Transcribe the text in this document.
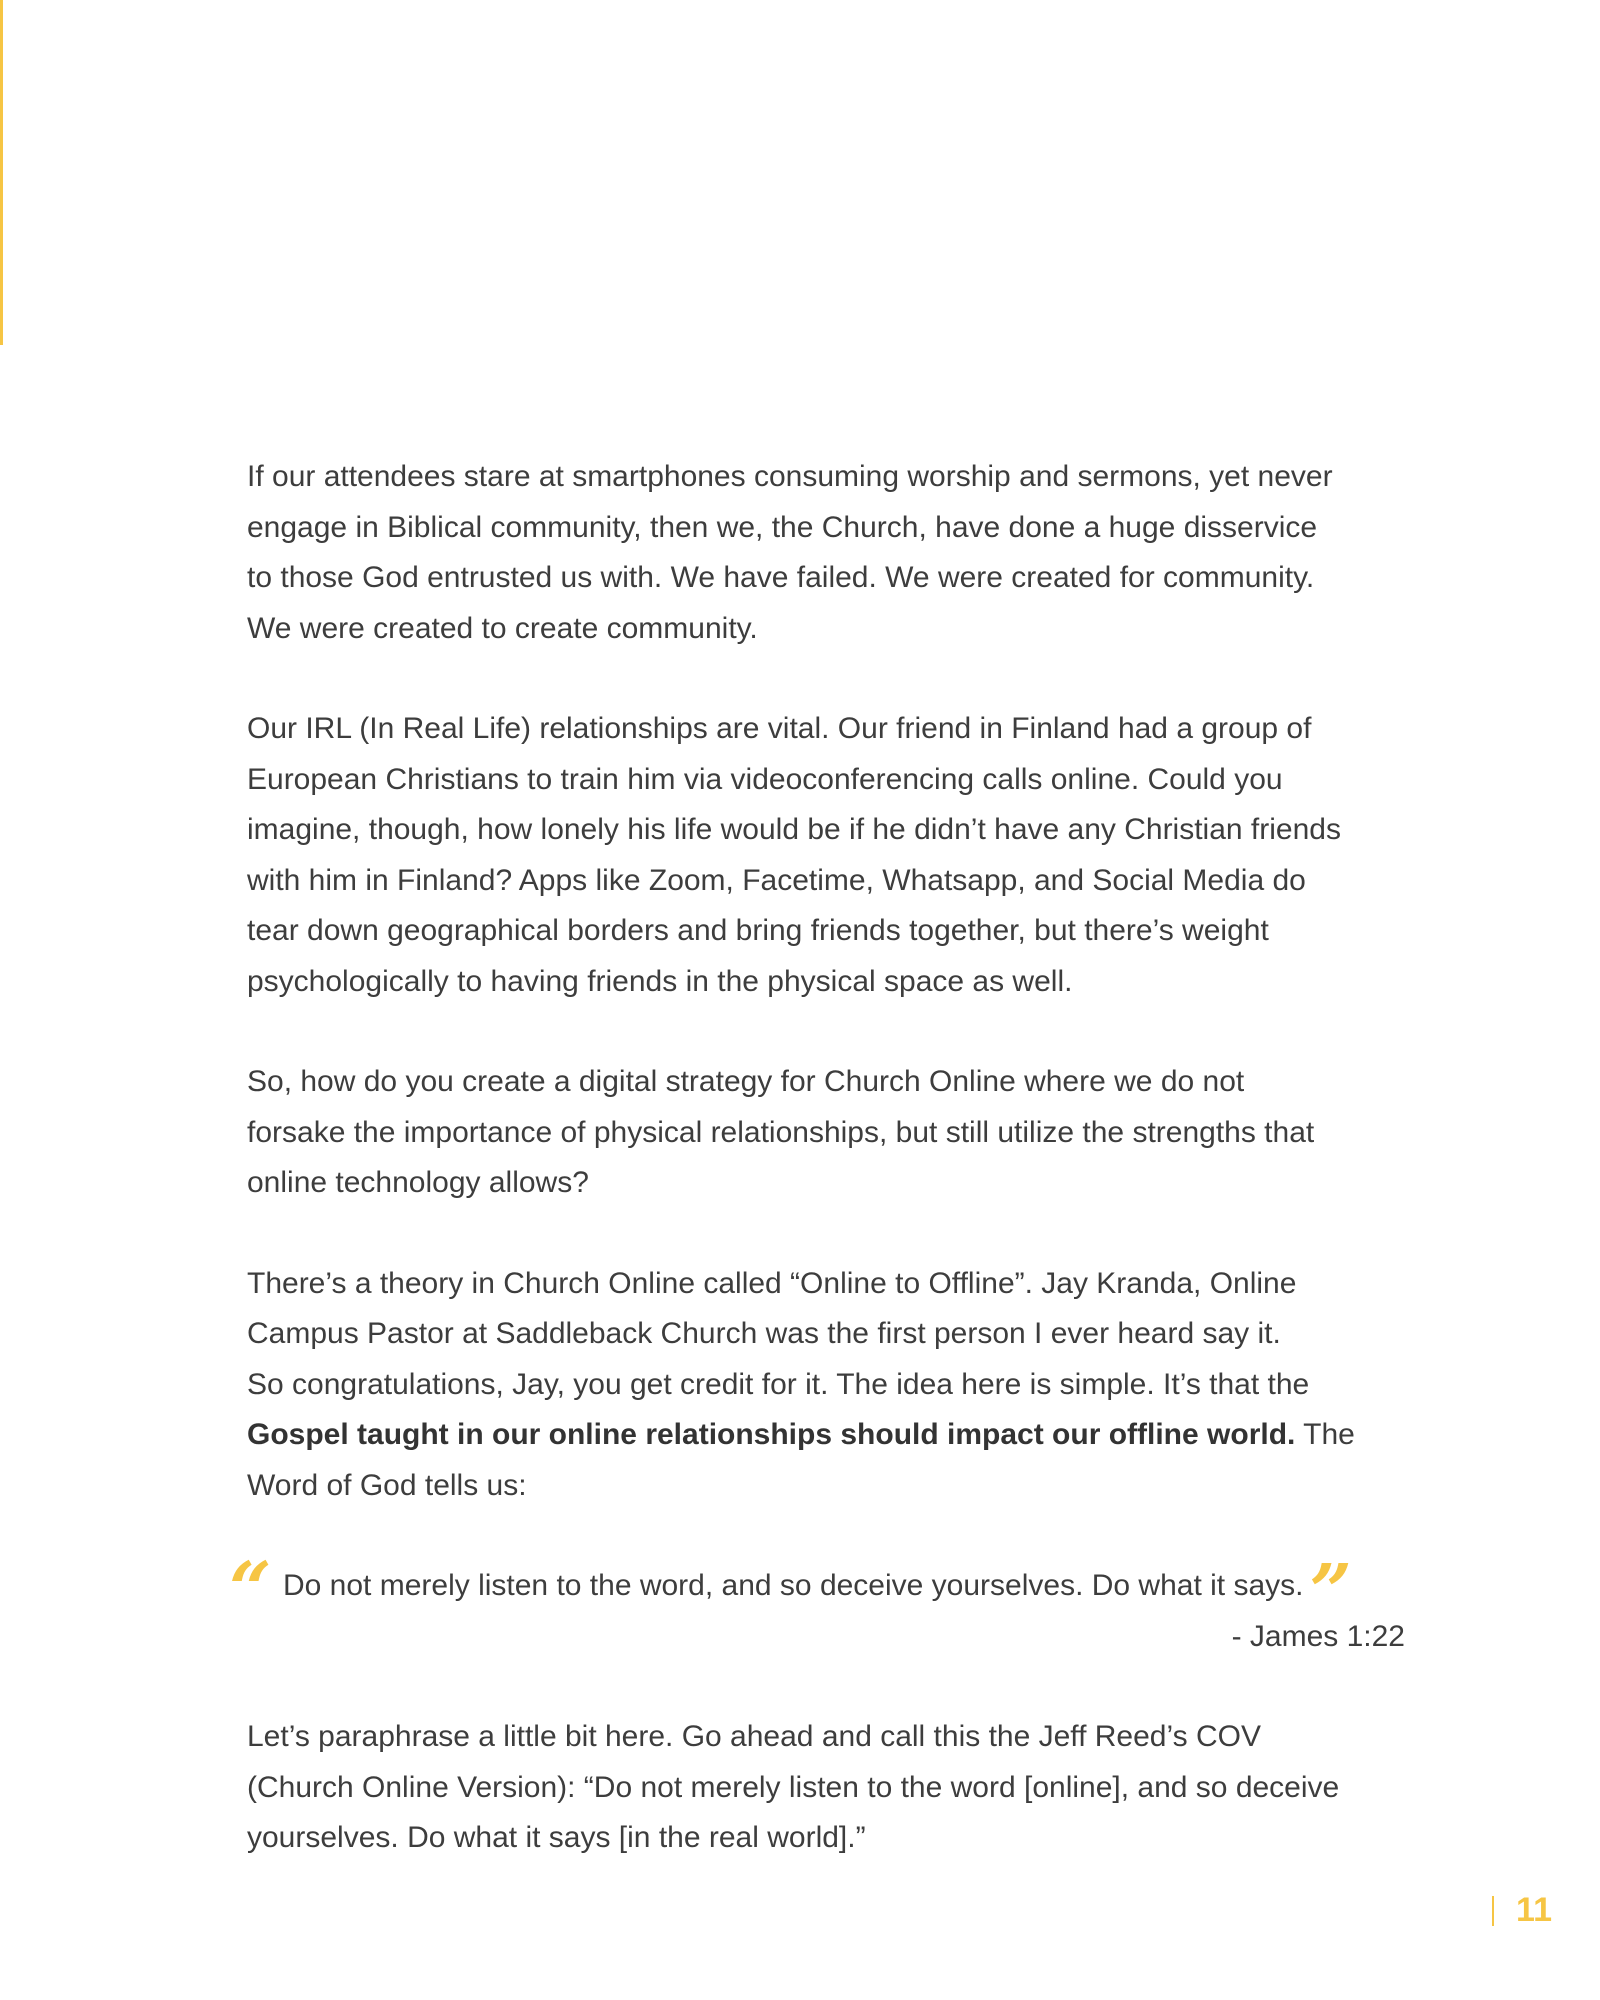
If our attendees stare at smartphones consuming worship and sermons, yet never
engage in Biblical community, then we, the Church, have done a huge disservice
to those God entrusted us with. We have failed. We were created for community.
We were created to create community.

Our IRL (In Real Life) relationships are vital. Our friend in Finland had a group of
European Christians to train him via videoconferencing calls online. Could you
imagine, though, how lonely his life would be if he didn’t have any Christian friends
with him in Finland? Apps like Zoom, Facetime, Whatsapp, and Social Media do
tear down geographical borders and bring friends together, but there’s weight
psychologically to having friends in the physical space as well.

So, how do you create a digital strategy for Church Online where we do not
forsake the importance of physical relationships, but still utilize the strengths that
online technology allows?

There’s a theory in Church Online called “Online to Offline”. Jay Kranda, Online
Campus Pastor at Saddleback Church was the first person I ever heard say it.
So congratulations, Jay, you get credit for it. The idea here is simple. It’s that the
Gospel taught in our online relationships should impact our offline world. The
Word of God tells us:

“ Do not merely listen to the word, and so deceive yourselves. Do what it says.”
- James 1:22

Let’s paraphrase a little bit here. Go ahead and call this the Jeff Reed’s COV
(Church Online Version): “Do not merely listen to the word [online], and so deceive
yourselves. Do what it says [in the real world].”

11
